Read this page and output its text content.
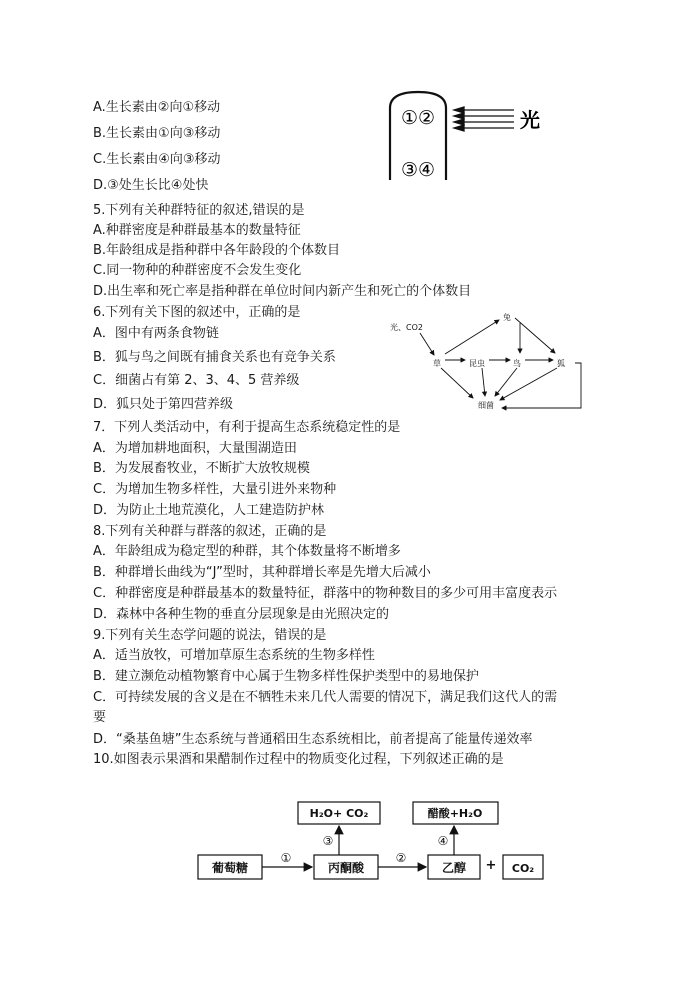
A.生长素由②向①移动
B.生长素由①向③移动
C.生长素由④向③移动
D.③处生长比④处快
①②
③④
光
5.下列有关种群特征的叙述,错误的是
A.种群密度是种群最基本的数量特征
B.年龄组成是指种群中各年龄段的个体数目
C.同一物种的种群密度不会发生变化
D.出生率和死亡率是指种群在单位时间内新产生和死亡的个体数目
6.下列有关下图的叙述中，正确的是
A．图中有两条食物链
B．狐与鸟之间既有捕食关系也有竞争关系
C．细菌占有第 2、3、4、5 营养级
D．狐只处于第四营养级
光、CO2
草	昆虫	鸟
兔
狐
细菌
7．下列人类活动中，有利于提高生态系统稳定性的是
A．为增加耕地面积，大量围湖造田
B．为发展畜牧业，不断扩大放牧规模
C．为增加生物多样性，大量引进外来物种
D．为防止土地荒漠化，人工建造防护林
8.下列有关种群与群落的叙述，正确的是
A．年龄组成为稳定型的种群，其个体数量将不断增多
B．种群增长曲线为“J”型时，其种群增长率是先增大后减小
C．种群密度是种群最基本的数量特征，群落中的物种数目的多少可用丰富度表示
D．森林中各种生物的垂直分层现象是由光照决定的
9.下列有关生态学问题的说法，错误的是
A．适当放牧，可增加草原生态系统的生物多样性
B．建立濒危动植物繁育中心属于生物多样性保护类型中的易地保护
C．可持续发展的含义是在不牺牲未来几代人需要的情况下，满足我们这代人的需
要
D．“桑基鱼塘”生态系统与普通稻田生态系统相比，前者提高了能量传递效率
10.如图表示果酒和果醋制作过程中的物质变化过程，下列叙述正确的是
H₂O+ CO₂	醋酸+H₂O
葡萄糖	丙酮酸	乙醇	CO₂
+
①	②
③	④
